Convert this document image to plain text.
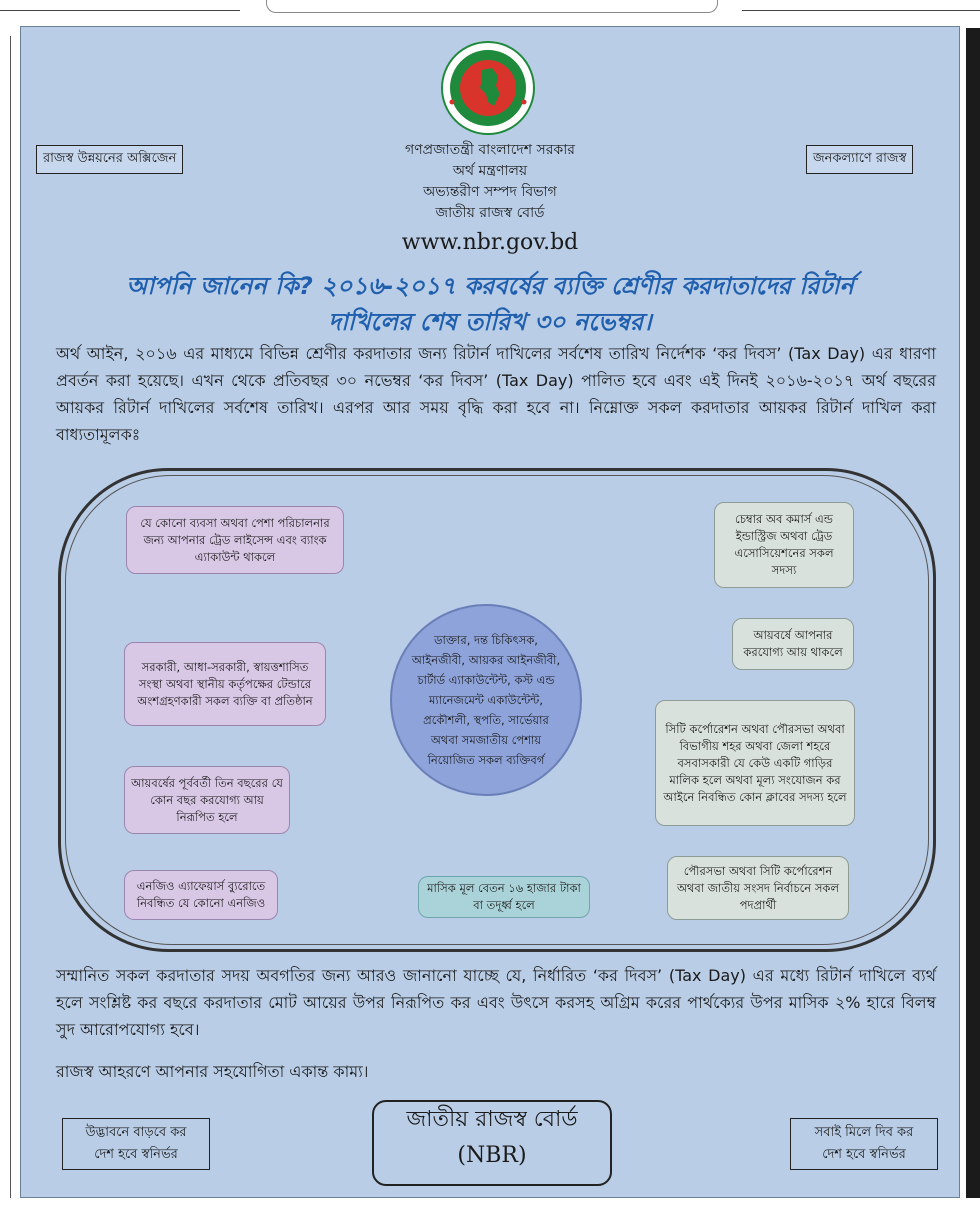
রাজস্ব উন্নয়নের অক্সিজেন	জনকল্যাণে রাজস্ব
গণপ্রজাতন্ত্রী বাংলাদেশ সরকার
অর্থ মন্ত্রণালয়
অভ্যন্তরীণ সম্পদ বিভাগ
জাতীয় রাজস্ব বোর্ড
www.nbr.gov.bd
আপনি জানেন কি? ২০১৬-২০১৭ করবর্ষের ব্যক্তি শ্রেণীর করদাতাদের রিটার্ন
দাখিলের শেষ তারিখ ৩০ নভেম্বর।
অর্থ আইন, ২০১৬ এর মাধ্যমে বিভিন্ন শ্রেণীর করদাতার জন্য রিটার্ন দাখিলের সর্বশেষ তারিখ নির্দেশক ‘কর দিবস’ (Tax Day) এর ধারণা প্রবর্তন করা হয়েছে। এখন থেকে প্রতিবছর ৩০ নভেম্বর ‘কর দিবস’ (Tax Day) পালিত হবে এবং এই দিনই ২০১৬-২০১৭ অর্থ বছরের আয়কর রিটার্ন দাখিলের সর্বশেষ তারিখ। এরপর আর সময় বৃদ্ধি করা হবে না। নিম্নোক্ত সকল করদাতার আয়কর রিটার্ন দাখিল করা বাধ্যতামূলকঃ
যে কোনো ব্যবসা অথবা পেশা পরিচালনার জন্য আপনার ট্রেড লাইসেন্স এবং ব্যাংক এ্যাকাউন্ট থাকলে
সরকারী, আধা-সরকারী, স্বায়ত্তশাসিত সংস্থা অথবা স্থানীয় কর্তৃপক্ষের টেন্ডারে অংশগ্রহণকারী সকল ব্যক্তি বা প্রতিষ্ঠান
আয়বর্ষের পূর্ববর্তী তিন বছরের যে কোন বছর করযোগ্য আয় নিরূপিত হলে
এনজিও এ্যাফেয়ার্স ব্যুরোতে নিবন্ধিত যে কোনো এনজিও
ডাক্তার, দন্ত চিকিৎসক, আইনজীবী, আয়কর আইনজীবী, চার্টার্ড এ্যাকাউন্টেন্ট, কস্ট এন্ড ম্যানেজমেন্ট একাউন্টেন্ট, প্রকৌশলী, স্থপতি, সার্ভেয়ার অথবা সমজাতীয় পেশায় নিয়োজিত সকল ব্যক্তিবর্গ
মাসিক মূল বেতন ১৬ হাজার টাকা বা তদূর্ধ্ব হলে
চেম্বার অব কমার্স এন্ড ইন্ডাস্ট্রিজ অথবা ট্রেড এসোসিয়েশনের সকল সদস্য
আয়বর্ষে আপনার করযোগ্য আয় থাকলে
সিটি কর্পোরেশন অথবা পৌরসভা অথবা বিভাগীয় শহর অথবা জেলা শহরে বসবাসকারী যে কেউ একটি গাড়ির মালিক হলে অথবা মূল্য সংযোজন কর আইনে নিবন্ধিত কোন ক্লাবের সদস্য হলে
পৌরসভা অথবা সিটি কর্পোরেশন অথবা জাতীয় সংসদ নির্বাচনে সকল পদপ্রার্থী
সম্মানিত সকল করদাতার সদয় অবগতির জন্য আরও জানানো যাচ্ছে যে, নির্ধারিত ‘কর দিবস’ (Tax Day) এর মধ্যে রিটার্ন দাখিলে ব্যর্থ হলে সংশ্লিষ্ট কর বছরে করদাতার মোট আয়ের উপর নিরূপিত কর এবং উৎসে করসহ অগ্রিম করের পার্থক্যের উপর মাসিক ২% হারে বিলম্ব সুদ আরোপযোগ্য হবে।
রাজস্ব আহরণে আপনার সহযোগিতা একান্ত কাম্য।
উদ্ভাবনে বাড়বে কর
দেশ হবে স্বনির্ভর
জাতীয় রাজস্ব বোর্ড
(NBR)
সবাই মিলে দিব কর
দেশ হবে স্বনির্ভর
